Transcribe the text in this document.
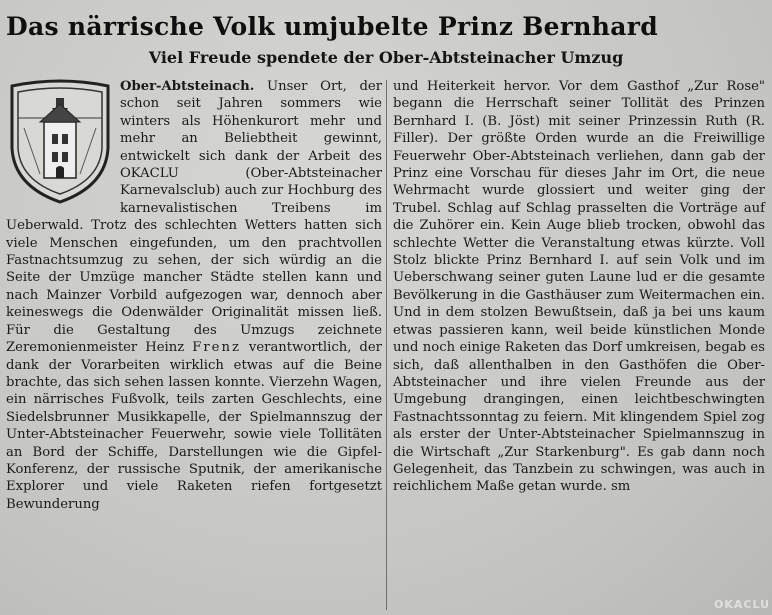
Das närrische Volk umjubelte Prinz Bernhard
Viel Freude spendete der Ober-Abtsteinacher Umzug

Ober-Abtsteinach. Unser Ort, der schon seit Jahren sommers wie winters als Höhenkurort mehr und mehr an Beliebtheit gewinnt, entwickelt sich dank der Arbeit des OKACLU (Ober-Abtsteinacher Karnevalsclub) auch zur Hochburg des karnevalistischen Treibens im Ueberwald. Trotz des schlechten Wetters hatten sich viele Menschen eingefunden, um den prachtvollen Fastnachtsumzug zu sehen, der sich würdig an die Seite der Umzüge mancher Städte stellen kann und nach Mainzer Vorbild aufgezogen war, dennoch aber keineswegs die Odenwälder Originalität missen ließ. Für die Gestaltung des Umzugs zeichnete Zeremonienmeister Heinz Frenz verantwortlich, der dank der Vorarbeiten wirklich etwas auf die Beine brachte, das sich sehen lassen konnte. Vierzehn Wagen, ein närrisches Fußvolk, teils zarten Geschlechts, eine Siedelsbrunner Musikkapelle, der Spielmannszug der Unter-Abtsteinacher Feuerwehr, sowie viele Tollitäten an Bord der Schiffe, Darstellungen wie die Gipfel-Konferenz, der russische Sputnik, der amerikanische Explorer und viele Raketen riefen fortgesetzt Bewunderung

und Heiterkeit hervor. Vor dem Gasthof „Zur Rose" begann die Herrschaft seiner Tollität des Prinzen Bernhard I. (B. Jöst) mit seiner Prinzessin Ruth (R. Filler). Der größte Orden wurde an die Freiwillige Feuerwehr Ober-Abtsteinach verliehen, dann gab der Prinz eine Vorschau für dieses Jahr im Ort, die neue Wehrmacht wurde glossiert und weiter ging der Trubel. Schlag auf Schlag prasselten die Vorträge auf die Zuhörer ein. Kein Auge blieb trocken, obwohl das schlechte Wetter die Veranstaltung etwas kürzte. Voll Stolz blickte Prinz Bernhard I. auf sein Volk und im Ueberschwang seiner guten Laune lud er die gesamte Bevölkerung in die Gasthäuser zum Weitermachen ein. Und in dem stolzen Bewußtsein, daß ja bei uns kaum etwas passieren kann, weil beide künstlichen Monde und noch einige Raketen das Dorf umkreisen, begab es sich, daß allenthalben in den Gasthöfen die Ober-Abtsteinacher und ihre vielen Freunde aus der Umgebung drangingen, einen leichtbeschwingten Fastnachtssonntag zu feiern. Mit klingendem Spiel zog als erster der Unter-Abtsteinacher Spielmannszug in die Wirtschaft „Zur Starkenburg". Es gab dann noch Gelegenheit, das Tanzbein zu schwingen, was auch in reichlichem Maße getan wurde. sm

OKACLU
